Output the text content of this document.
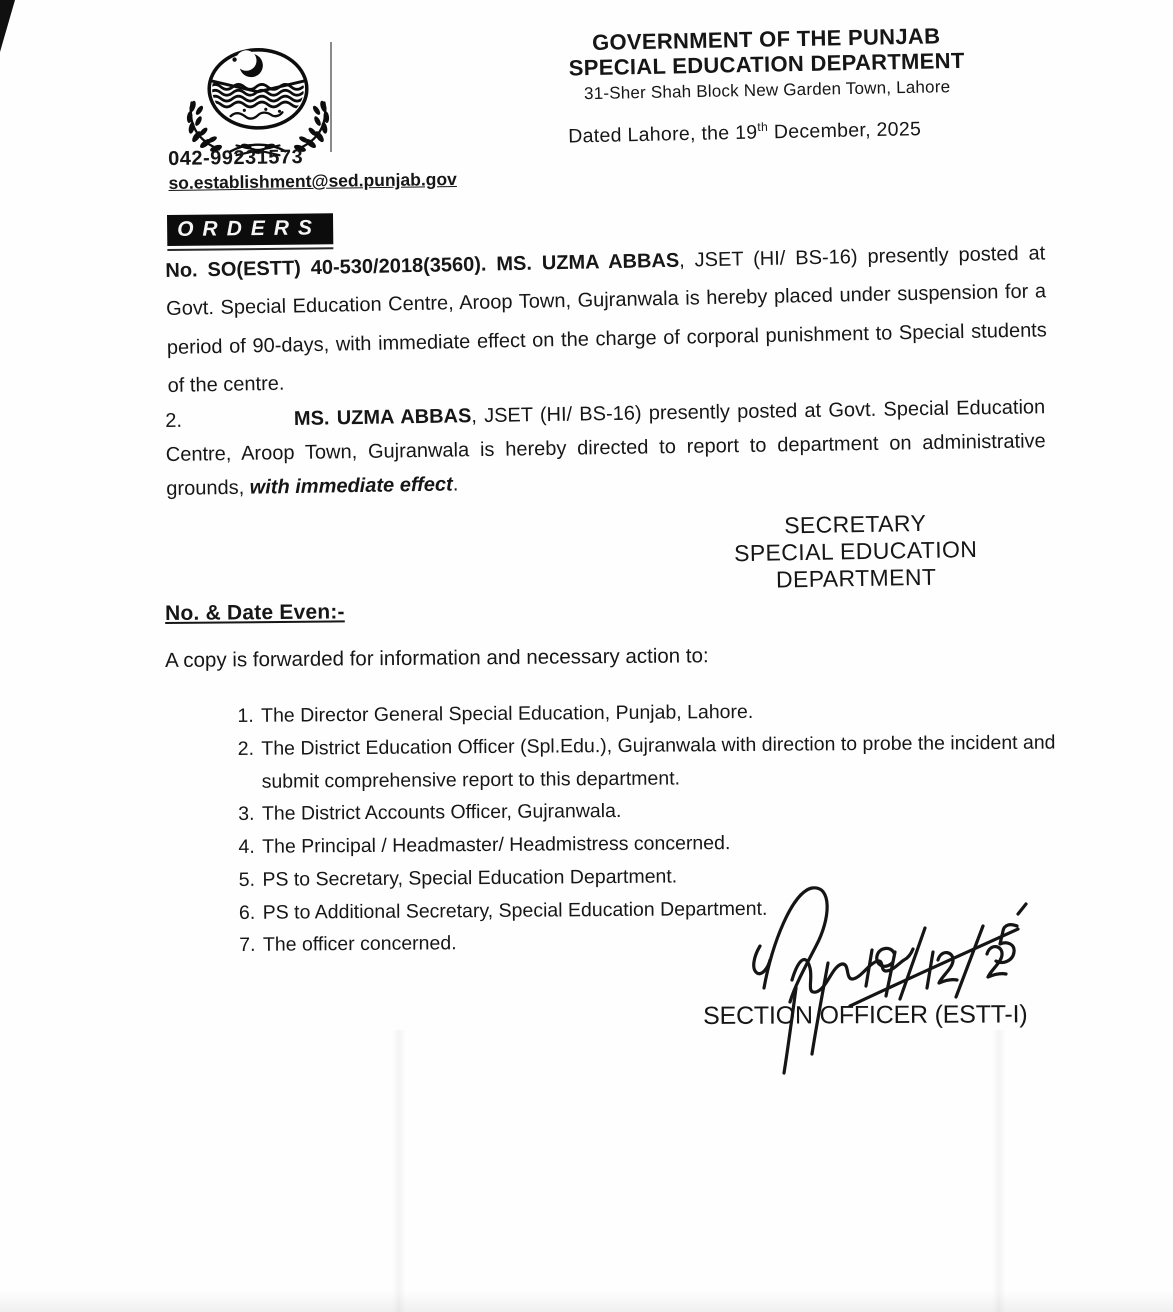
GOVERNMENT OF THE PUNJAB
SPECIAL EDUCATION DEPARTMENT
31-Sher Shah Block New Garden Town, Lahore
Dated Lahore, the 19th December, 2025
042-99231573
so.establishment@sed.punjab.gov
ORDERS

No. SO(ESTT) 40-530/2018(3560). MS. UZMA ABBAS, JSET (HI/ BS-16) presently posted at Govt. Special Education Centre, Aroop Town, Gujranwala is hereby placed under suspension for a period of 90-days, with immediate effect on the charge of corporal punishment to Special students of the centre.

2.	MS. UZMA ABBAS, JSET (HI/ BS-16) presently posted at Govt. Special Education Centre, Aroop Town, Gujranwala is hereby directed to report to department on administrative grounds, with immediate effect.

SECRETARY
SPECIAL EDUCATION
DEPARTMENT
No. & Date Even:-
A copy is forwarded for information and necessary action to:
1. The Director General Special Education, Punjab, Lahore.
2. The District Education Officer (Spl.Edu.), Gujranwala with direction to probe the incident and submit comprehensive report to this department.
3. The District Accounts Officer, Gujranwala.
4. The Principal / Headmaster/ Headmistress concerned.
5. PS to Secretary, Special Education Department.
6. PS to Additional Secretary, Special Education Department.
7. The officer concerned.
SECTION OFFICER (ESTT-I)
